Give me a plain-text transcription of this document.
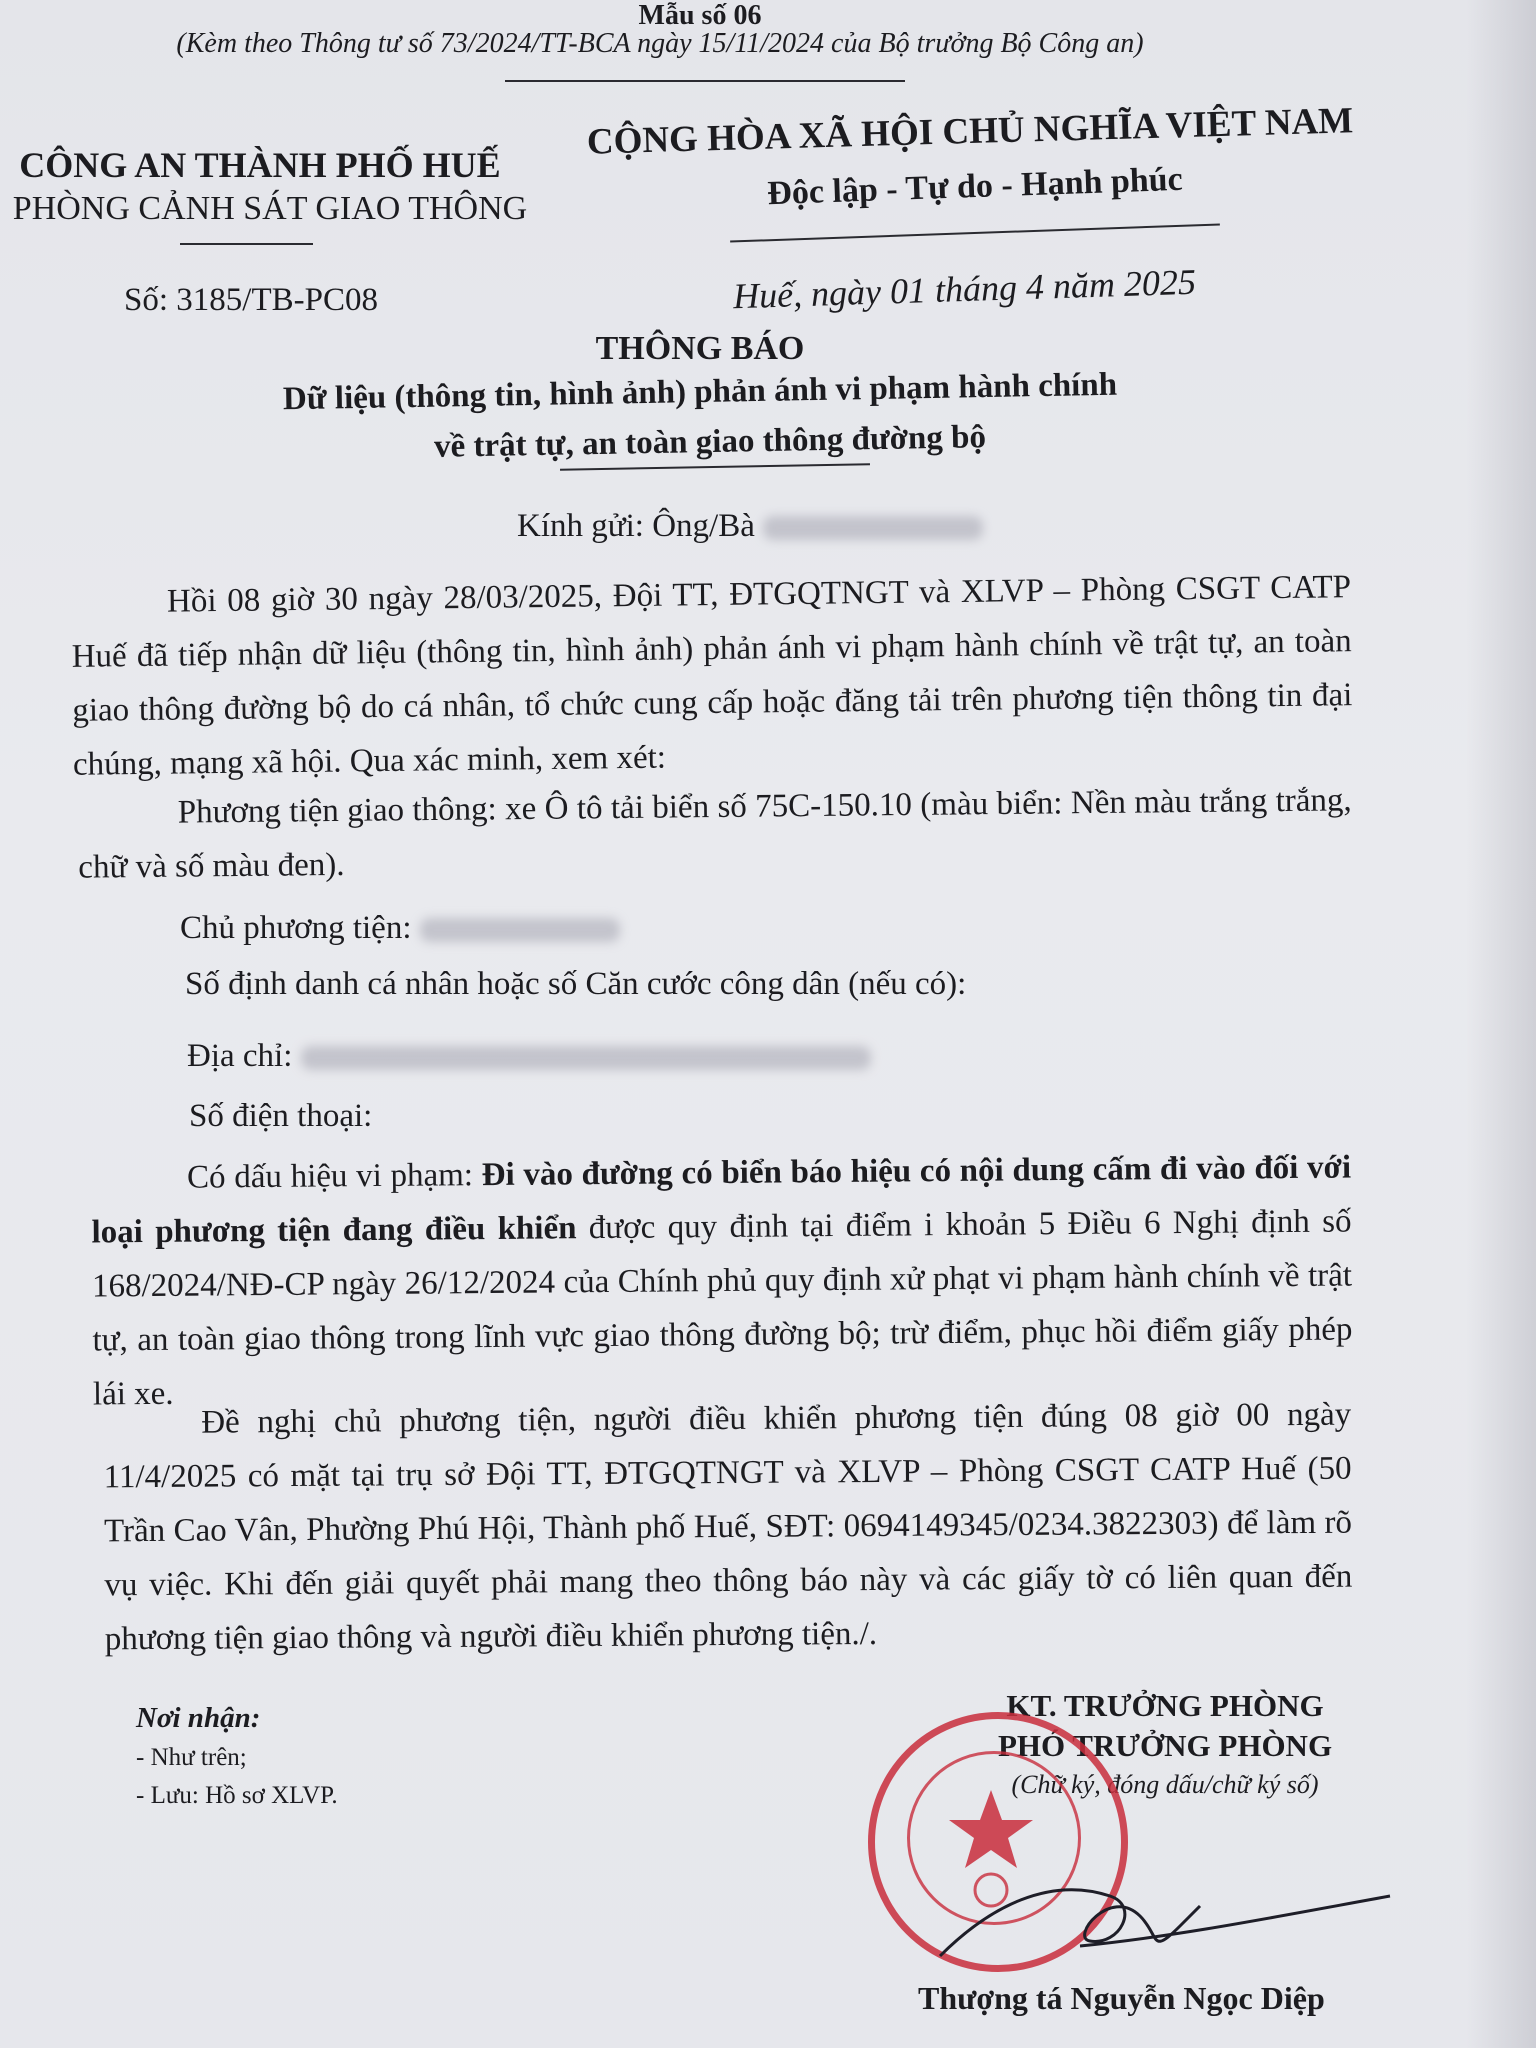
Mẫu số 06
(Kèm theo Thông tư số 73/2024/TT-BCA ngày 15/11/2024 của Bộ trưởng Bộ Công an)
CÔNG AN THÀNH PHỐ HUẾ
PHÒNG CẢNH SÁT GIAO THÔNG
Số: 3185/TB-PC08
CỘNG HÒA XÃ HỘI CHỦ NGHĨA VIỆT NAM
Độc lập - Tự do - Hạnh phúc
Huế, ngày 01 tháng 4 năm 2025
THÔNG BÁO
Dữ liệu (thông tin, hình ảnh) phản ánh vi phạm hành chính
về trật tự, an toàn giao thông đường bộ
Kính gửi: Ông/Bà
Hồi 08 giờ 30 ngày 28/03/2025, Đội TT, ĐTGQTNGT và XLVP – Phòng CSGT CATP Huế đã tiếp nhận dữ liệu (thông tin, hình ảnh) phản ánh vi phạm hành chính về trật tự, an toàn giao thông đường bộ do cá nhân, tổ chức cung cấp hoặc đăng tải trên phương tiện thông tin đại chúng, mạng xã hội. Qua xác minh, xem xét:
Phương tiện giao thông: xe Ô tô tải biển số 75C-150.10 (màu biển: Nền màu trắng trắng, chữ và số màu đen).
Chủ phương tiện:
Số định danh cá nhân hoặc số Căn cước công dân (nếu có):
Địa chỉ:
Số điện thoại:
Có dấu hiệu vi phạm: Đi vào đường có biển báo hiệu có nội dung cấm đi vào đối với loại phương tiện đang điều khiển được quy định tại điểm i khoản 5 Điều 6 Nghị định số 168/2024/NĐ-CP ngày 26/12/2024 của Chính phủ quy định xử phạt vi phạm hành chính về trật tự, an toàn giao thông trong lĩnh vực giao thông đường bộ; trừ điểm, phục hồi điểm giấy phép lái xe.
Đề nghị chủ phương tiện, người điều khiển phương tiện đúng 08 giờ 00 ngày 11/4/2025 có mặt tại trụ sở Đội TT, ĐTGQTNGT và XLVP – Phòng CSGT CATP Huế (50 Trần Cao Vân, Phường Phú Hội, Thành phố Huế, SĐT: 0694149345/0234.3822303) để làm rõ vụ việc. Khi đến giải quyết phải mang theo thông báo này và các giấy tờ có liên quan đến phương tiện giao thông và người điều khiển phương tiện./.
Nơi nhận:
- Như trên;
- Lưu: Hồ sơ XLVP.
KT. TRƯỞNG PHÒNG
PHÓ TRƯỞNG PHÒNG
(Chữ ký, đóng dấu/chữ ký số)
Thượng tá Nguyễn Ngọc Diệp
